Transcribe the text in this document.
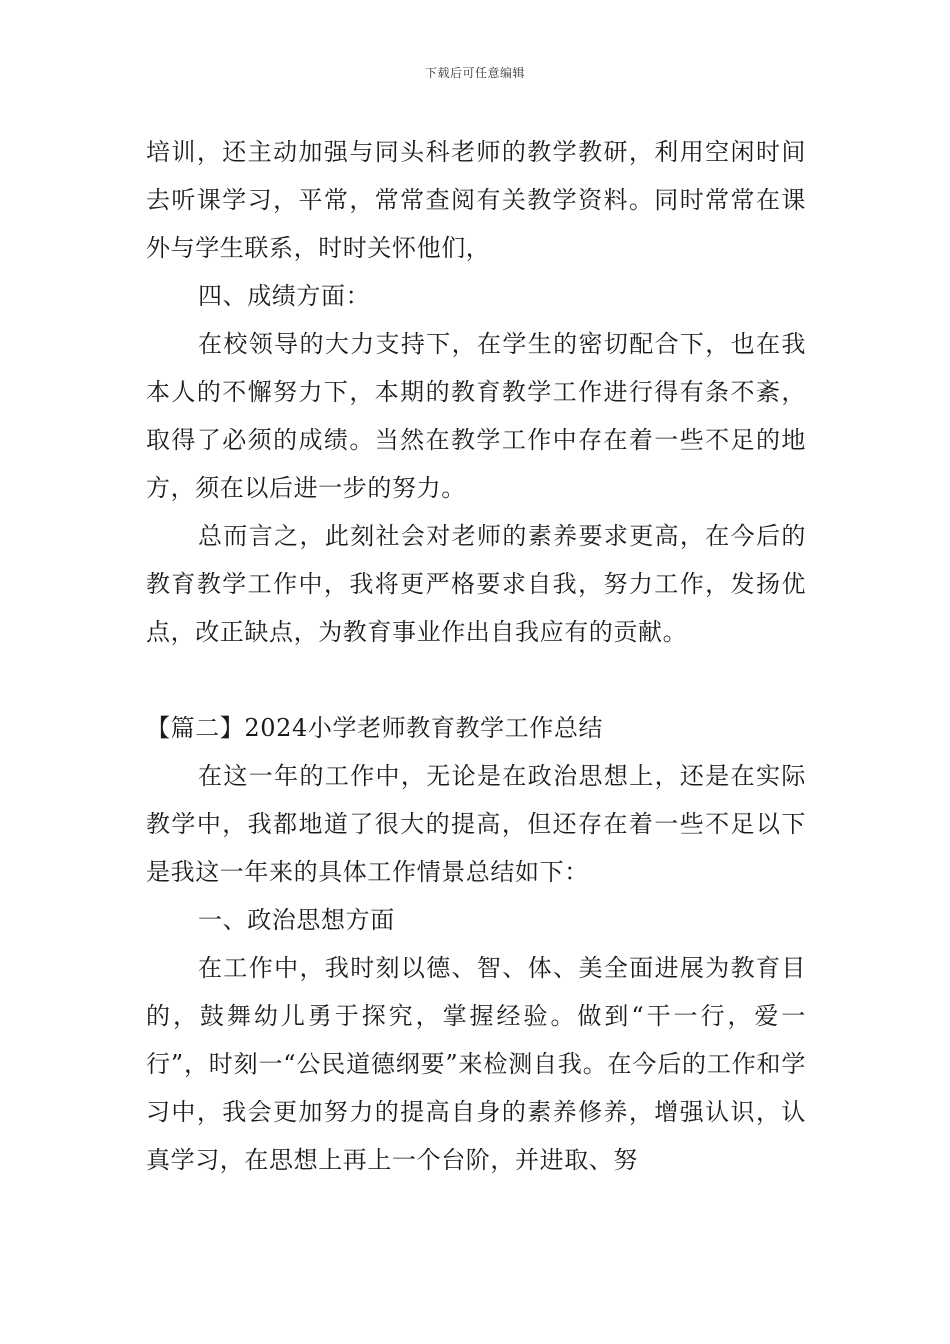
下载后可任意编辑

培训，还主动加强与同头科老师的教学教研，利用空闲时间去听课学习，平常，常常查阅有关教学资料。同时常常在课外与学生联系，时时关怀他们，

四、成绩方面：

在校领导的大力支持下，在学生的密切配合下，也在我本人的不懈努力下，本期的教育教学工作进行得有条不紊，取得了必须的成绩。当然在教学工作中存在着一些不足的地方，须在以后进一步的努力。

总而言之，此刻社会对老师的素养要求更高，在今后的教育教学工作中，我将更严格要求自我，努力工作，发扬优点，改正缺点，为教育事业作出自我应有的贡献。

【篇二】2024小学老师教育教学工作总结

在这一年的工作中，无论是在政治思想上，还是在实际教学中，我都地道了很大的提高，但还存在着一些不足以下是我这一年来的具体工作情景总结如下：

一、政治思想方面

在工作中，我时刻以德、智、体、美全面进展为教育目的，鼓舞幼儿勇于探究，掌握经验。做到“干一行，爱一行”，时刻一“公民道德纲要”来检测自我。在今后的工作和学习中，我会更加努力的提高自身的素养修养，增强认识，认真学习，在思想上再上一个台阶，并进取、努
